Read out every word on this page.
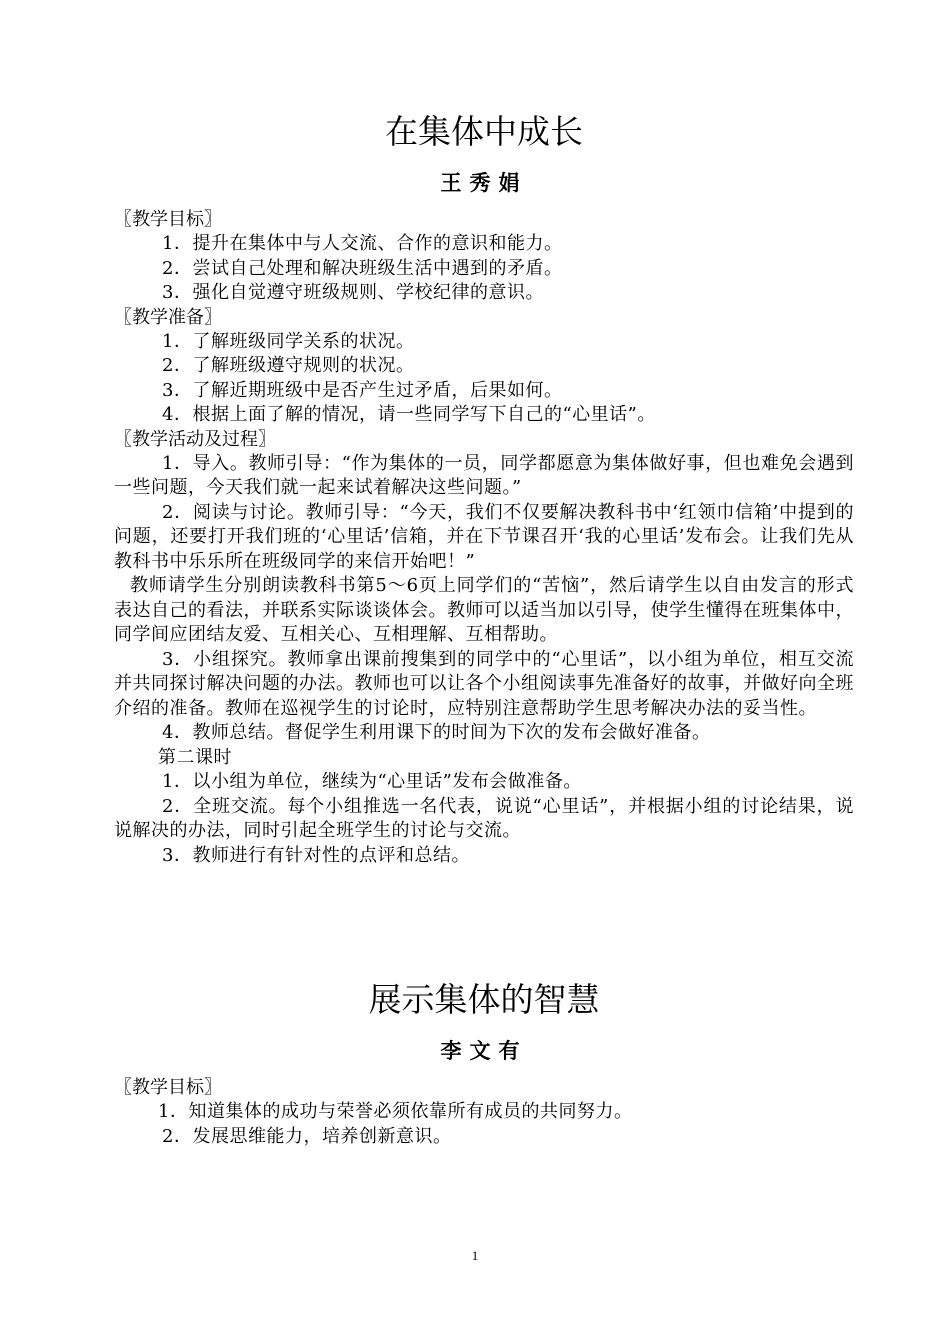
在集体中成长
王秀娟
〖教学目标〗

1．提升在集体中与人交流、合作的意识和能力。

2．尝试自己处理和解决班级生活中遇到的矛盾。

3．强化自觉遵守班级规则、学校纪律的意识。

〖教学准备〗

1．了解班级同学关系的状况。

2．了解班级遵守规则的状况。

3．了解近期班级中是否产生过矛盾，后果如何。

4．根据上面了解的情况，请一些同学写下自己的“心里话”。

〖教学活动及过程〗

1．导入。教师引导：“作为集体的一员，同学都愿意为集体做好事，但也难免会遇到一些问题，今天我们就一起来试着解决这些问题。”

2．阅读与讨论。教师引导：“今天，我们不仅要解决教科书中‘红领巾信箱’中提到的问题，还要打开我们班的‘心里话’信箱，并在下节课召开‘我的心里话’发布会。让我们先从教科书中乐乐所在班级同学的来信开始吧！”

教师请学生分别朗读教科书第5～6页上同学们的“苦恼”，然后请学生以自由发言的形式表达自己的看法，并联系实际谈谈体会。教师可以适当加以引导，使学生懂得在班集体中，同学间应团结友爱、互相关心、互相理解、互相帮助。

3．小组探究。教师拿出课前搜集到的同学中的“心里话”，以小组为单位，相互交流并共同探讨解决问题的办法。教师也可以让各个小组阅读事先准备好的故事，并做好向全班介绍的准备。教师在巡视学生的讨论时，应特别注意帮助学生思考解决办法的妥当性。

4．教师总结。督促学生利用课下的时间为下次的发布会做好准备。

第二课时

1．以小组为单位，继续为“心里话”发布会做准备。

2．全班交流。每个小组推选一名代表，说说“心里话”，并根据小组的讨论结果，说说解决的办法，同时引起全班学生的讨论与交流。

3．教师进行有针对性的点评和总结。

展示集体的智慧
李文有
〖教学目标〗

1．知道集体的成功与荣誉必须依靠所有成员的共同努力。

2．发展思维能力，培养创新意识。

1
